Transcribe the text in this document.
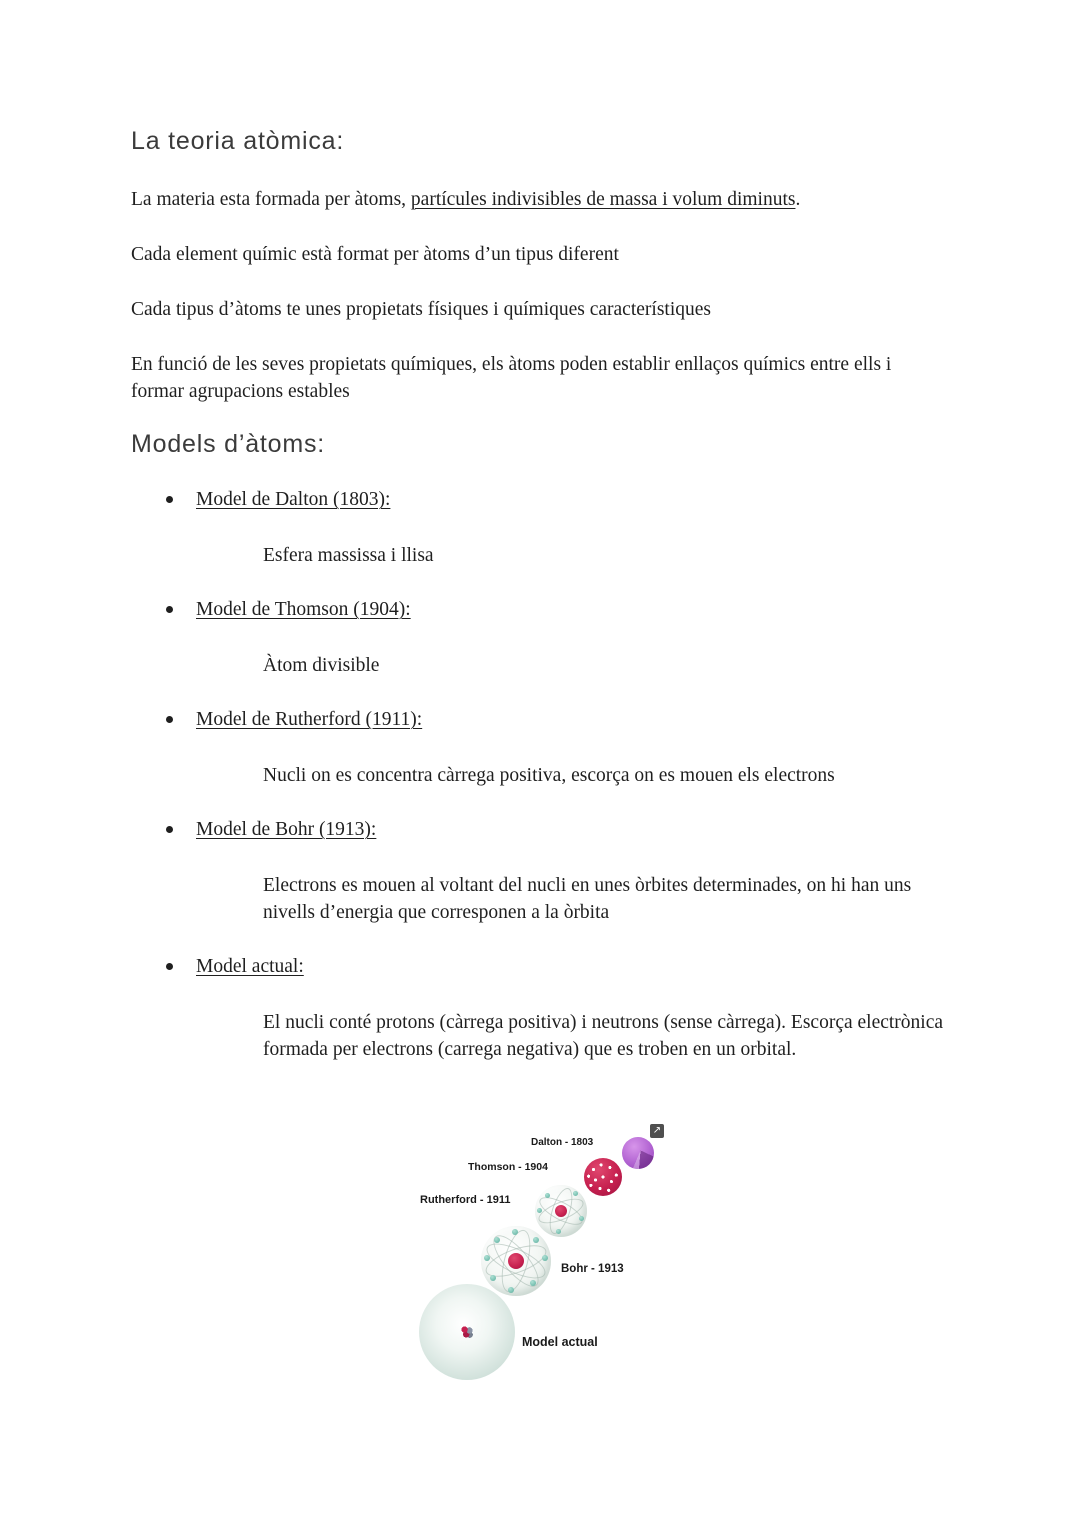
La teoria atòmica:

La materia esta formada per àtoms, partícules indivisibles de massa i volum diminuts.

Cada element químic està format per àtoms d’un tipus diferent

Cada tipus d’àtoms te unes propietats físiques i químiques característiques

En funció de les seves propietats químiques, els àtoms poden establir enllaços químics entre ells i formar agrupacions estables

Models d’àtoms:
Model de Dalton (1803):

Esfera massissa i llisa

Model de Thomson (1904):

Àtom divisible

Model de Rutherford (1911):

Nucli on es concentra càrrega positiva, escorça on es mouen els electrons

Model de Bohr (1913):

Electrons es mouen al voltant del nucli en unes òrbites determinades, on hi han uns nivells d’energia que corresponen a la òrbita

Model actual:

El nucli conté protons (càrrega positiva) i neutrons (sense càrrega). Escorça electrònica formada per electrons (carrega negativa) que es troben en un orbital.

↗
Dalton - 1803
Thomson - 1904
Rutherford - 1911
Bohr - 1913
Model actual
